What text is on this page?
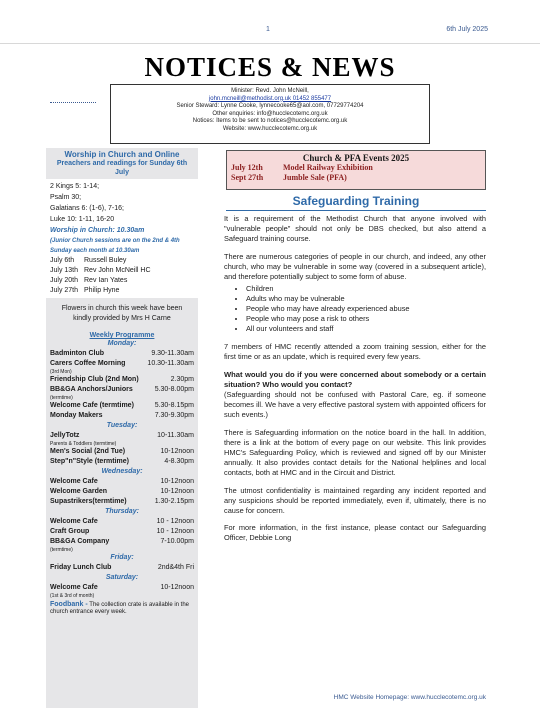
1	6th July 2025
NOTICES & NEWS
Minister: Revd. John McNeill,
john.mcneill@methodist.org.uk 01452 855477
Senior Steward: Lynne Cooke, lynnecooke65@aol.com, 07729774204
Other enquiries: info@hucclecotemc.org.uk
Notices: Items to be sent to notices@hucclecotemc.org.uk
Website: www.hucclecotemc.org.uk
Worship in Church and Online
Preachers and readings for Sunday 6th July
2 Kings 5: 1-14;
Psalm 30;
Galatians 6: (1-6), 7-16;
Luke 10: 1-11, 16-20
Worship in Church: 10.30am
(Junior Church sessions are on the 2nd & 4th Sunday each month at 10.30am
July 6th	Russell Buley
July 13th Rev John McNeill HC
July 20th Rev Ian Yates
July 27th Philip Hyne
Flowers in church this week have been kindly provided by Mrs H Carne
Weekly Programme
Monday:
Badminton Club	9.30-11.30am
Carers Coffee Morning	10.30-11.30am
(3rd Mon)
Friendship Club (2nd Mon)	2.30pm
BB&GA Anchors/Juniors	5.30-8.00pm
(termtime)
Welcome Cafe (termtime)	5.30-8.15pm
Monday Makers	7.30-9.30pm
Tuesday:
JellyTotz	10-11.30am
Parents & Toddlers (termtime)
Men's Social (2nd Tue)	10-12noon
Step"n"Style (termtime)	4-8.30pm
Wednesday:
Welcome Cafe	10-12noon
Welcome Garden	10-12noon
Supastrikers(termtime)	1.30-2.15pm
Thursday:
Welcome Cafe	10 - 12noon
Craft Group	10 - 12noon
BB&GA Company	7-10.00pm
(termtime)
Friday:
Friday Lunch Club	2nd&4th Fri
Saturday:
Welcome Cafe	10-12noon
(1st & 3rd of month)
Foodbank - The collection crate is available in the church entrance every week.
Church & PFA Events 2025
July 12th	Model Railway Exhibition
Sept 27th	Jumble Sale (PFA)
Safeguarding Training

It is a requirement of the Methodist Church that anyone involved with "vulnerable people" should not only be DBS checked, but also attend a Safeguard training course.

There are numerous categories of people in our church, and indeed, any other church, who may be vulnerable in some way (covered in a subsequent article), and therefore potentially subject to some form of abuse.

• Children
• Adults who may be vulnerable
• People who may have already experienced abuse
• People who may pose a risk to others
• All our volunteers and staff

7 members of HMC recently attended a zoom training session, either for the first time or as an update, which is required every few years.

What would you do if you were concerned about somebody or a certain situation? Who would you contact?

(Safeguarding should not be confused with Pastoral Care, eg. if someone becomes ill. We have a very effective pastoral system with appointed officers for such events.)

There is Safeguarding information on the notice board in the hall. In addition, there is a link at the bottom of every page on our website. This link provides HMC's Safeguarding Policy, which is reviewed and signed off by our Minister annually. It also provides contact details for the National helplines and local contacts, both at HMC and in the Circuit and District.

The utmost confidentiality is maintained regarding any incident reported and any suspicions should be reported immediately, even if, ultimately, there is no cause for concern.

For more information, in the first instance, please contact our Safeguarding Officer, Debbie Long

HMC Website Homepage: www.hucclecotemc.org.uk
